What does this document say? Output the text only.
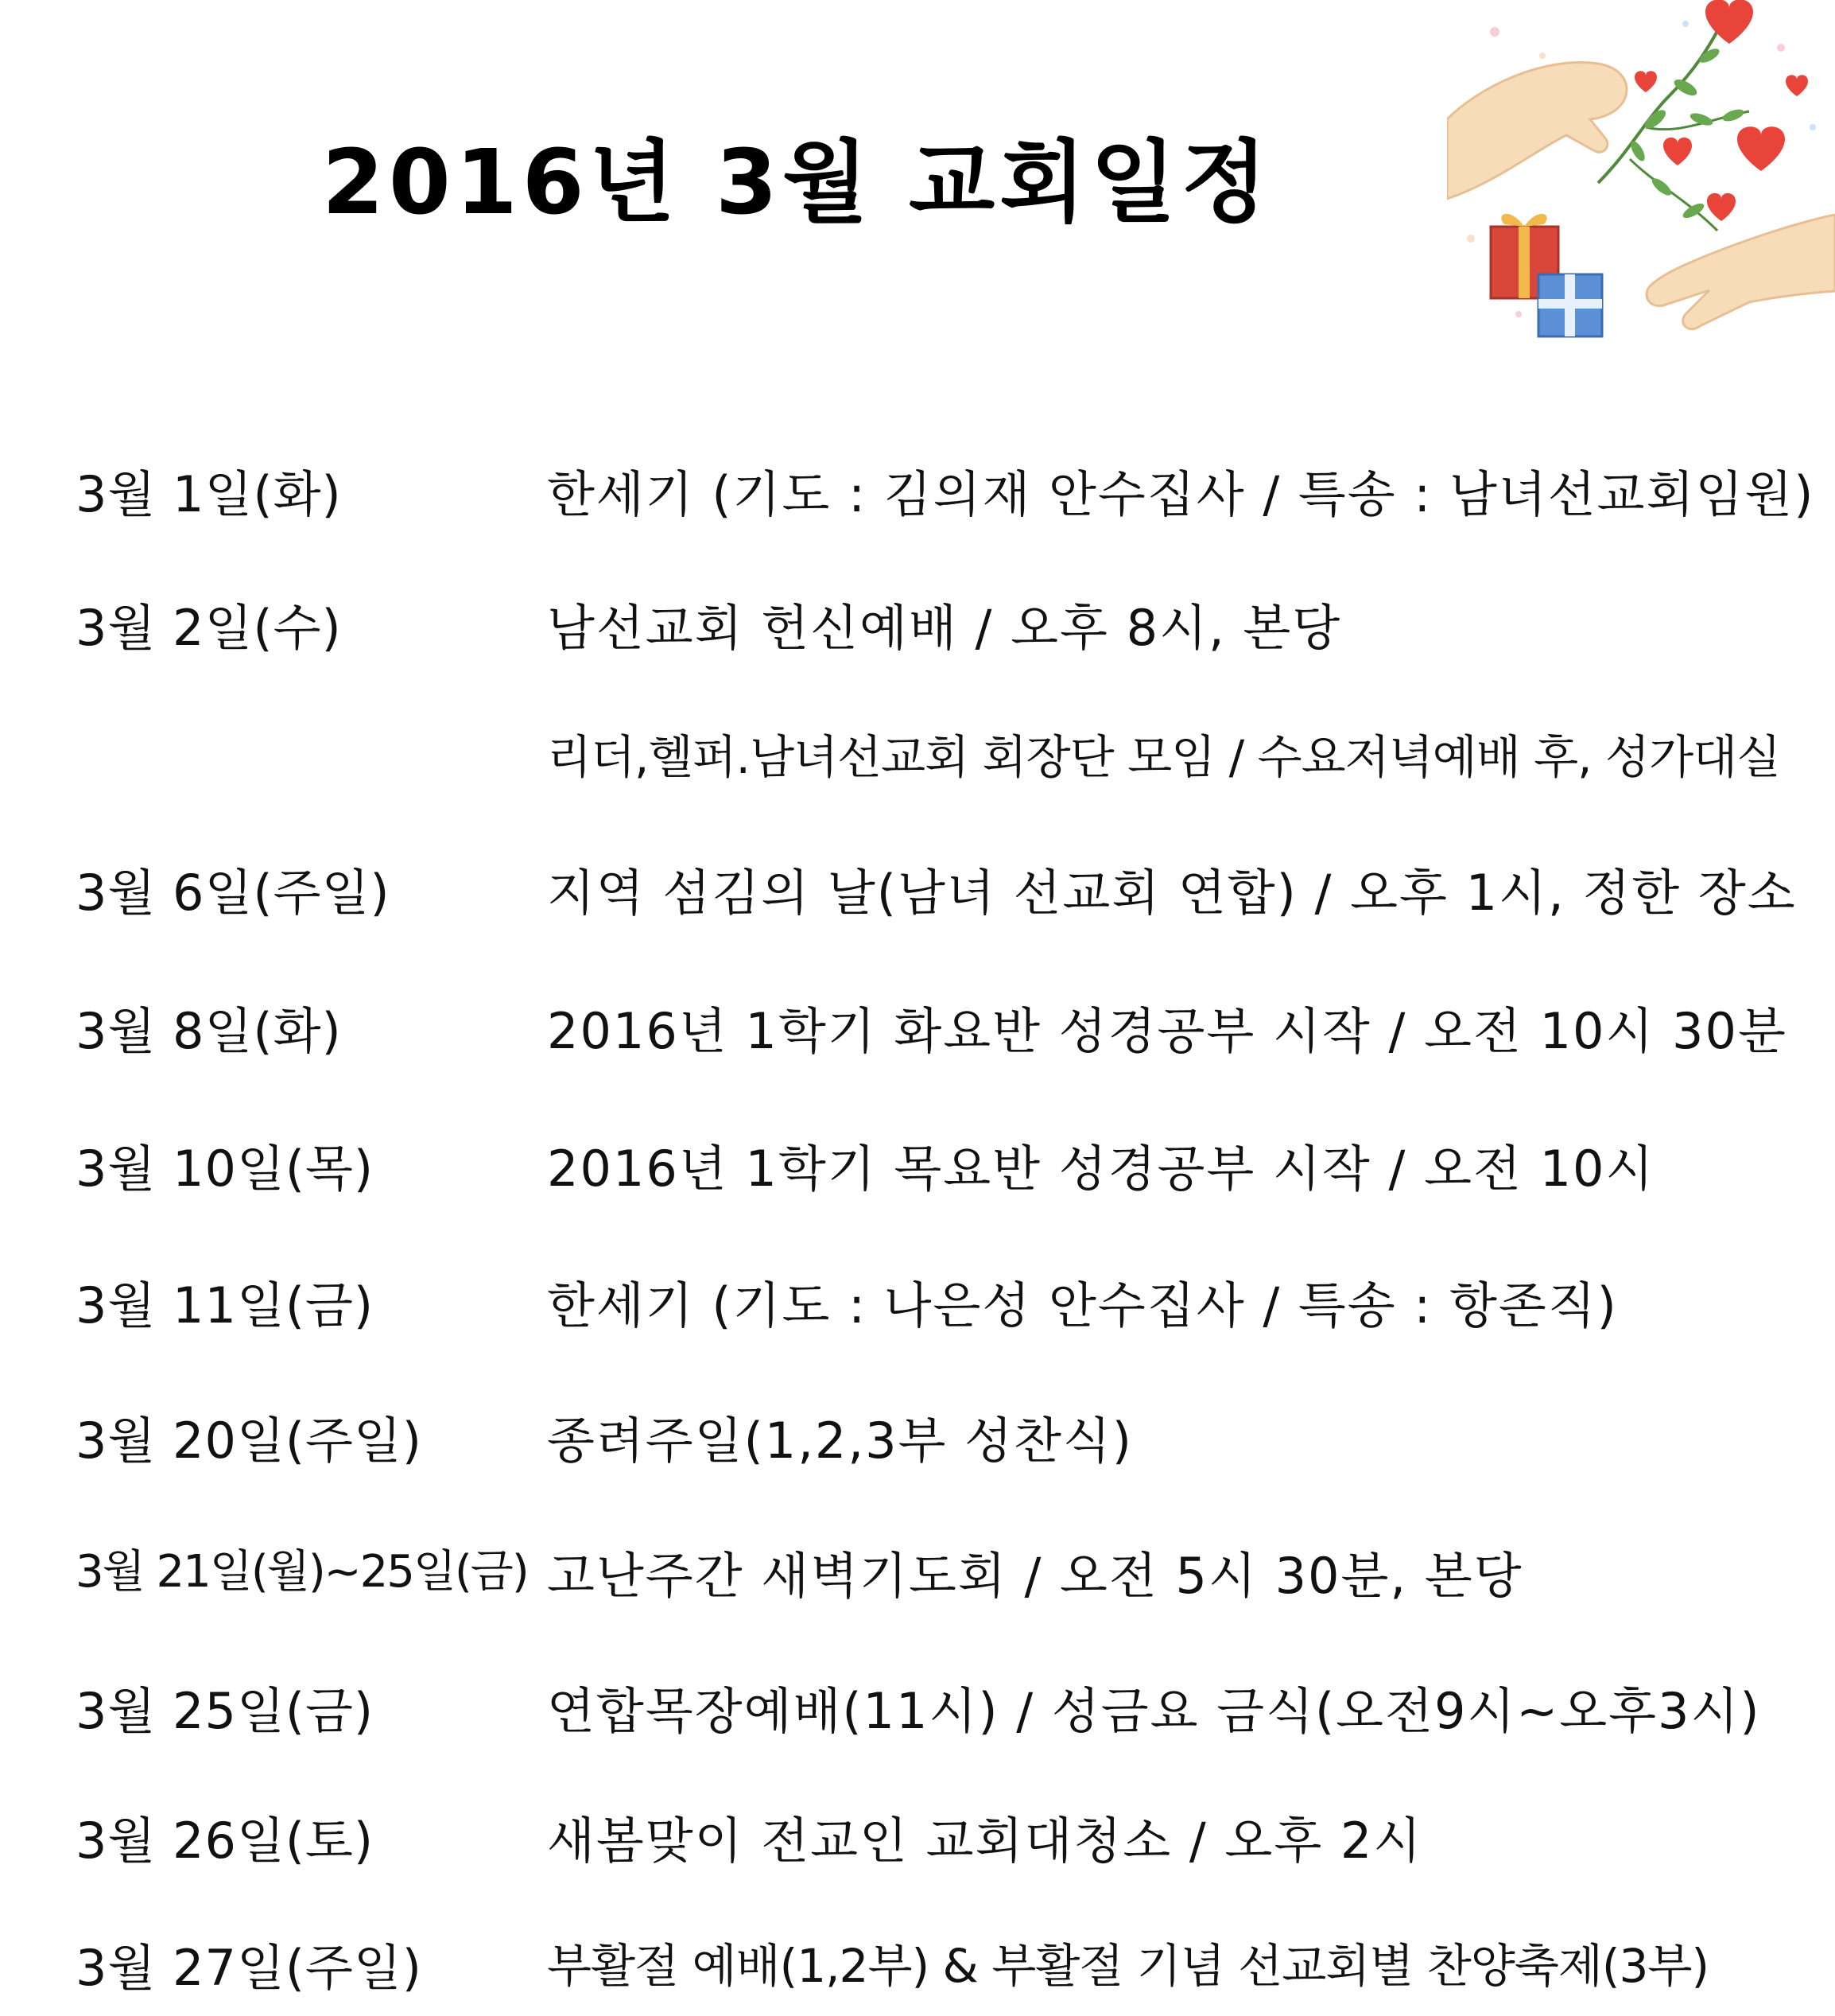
2016년 3월 교회일정
3월 1일(화)	한세기 (기도 : 김의재 안수집사 / 특송 : 남녀선교회임원)
3월 2일(수)	남선교회 헌신예배 / 오후 8시, 본당
리더,헬퍼.남녀선교회 회장단 모임 / 수요저녁예배 후, 성가대실
3월 6일(주일)	지역 섬김의 날(남녀 선교회 연합) / 오후 1시, 정한 장소
3월 8일(화)	2016년 1학기 화요반 성경공부 시작 / 오전 10시 30분
3월 10일(목)	2016년 1학기 목요반 성경공부 시작 / 오전 10시
3월 11일(금)	한세기 (기도 : 나은성 안수집사 / 특송 : 항존직)
3월 20일(주일)	종려주일(1,2,3부 성찬식)
3월 21일(월)~25일(금) 고난주간 새벽기도회 / 오전 5시 30분, 본당
3월 25일(금)	연합목장예배(11시) / 성금요 금식(오전9시~오후3시)
3월 26일(토)	새봄맞이 전교인 교회대청소 / 오후 2시
3월 27일(주일)	부활절 예배(1,2부) & 부활절 기념 선교회별 찬양축제(3부)
